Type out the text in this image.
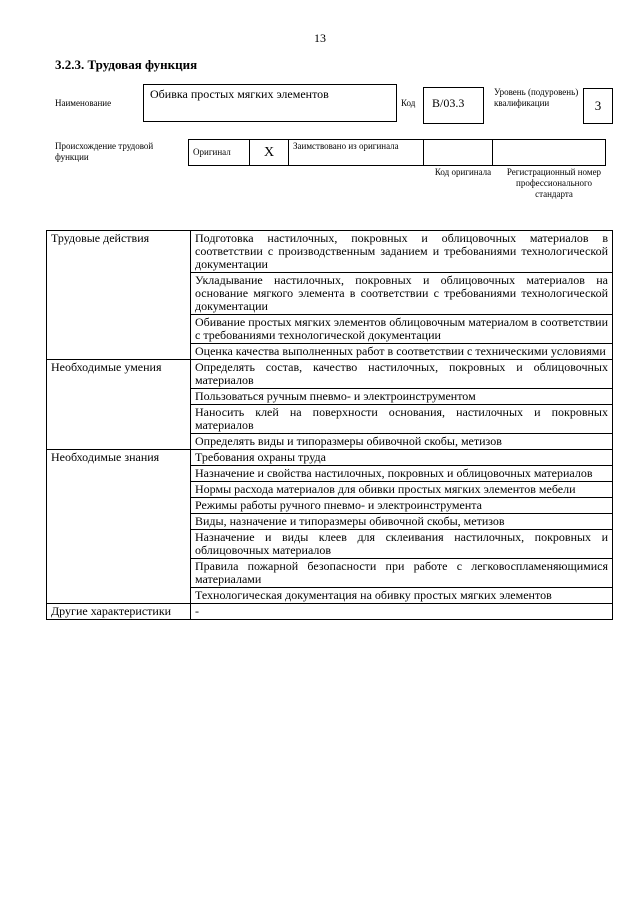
13
3.2.3. Трудовая функция
Наименование
Обивка простых мягких элементов
Код	B/03.3
Уровень (подуровень) квалификации	3
Происхождение трудовой функции	Оригинал	X	Заимствовано из оригинала		
Код оригинала	Регистрационный номер профессионального стандарта
Трудовые действия	Подготовка настилочных, покровных и облицовочных материалов в соответствии с производственным заданием и требованиями технологической документации
	Укладывание настилочных, покровных и облицовочных материалов на основание мягкого элемента в соответствии с требованиями технологической документации
	Обивание простых мягких элементов облицовочным материалом в соответствии с требованиями технологической документации
	Оценка качества выполненных работ в соответствии с техническими условиями
Необходимые умения	Определять состав, качество настилочных, покровных и облицовочных материалов
	Пользоваться ручным пневмо- и электроинструментом
	Наносить клей на поверхности основания, настилочных и покровных материалов
	Определять виды и типоразмеры обивочной скобы, метизов
Необходимые знания	Требования охраны труда
	Назначение и свойства настилочных, покровных и облицовочных материалов
	Нормы расхода материалов для обивки простых мягких элементов мебели
	Режимы работы ручного пневмо- и электроинструмента
	Виды, назначение и типоразмеры обивочной скобы, метизов
	Назначение и виды клеев для склеивания настилочных, покровных и облицовочных материалов
	Правила пожарной безопасности при работе с легковоспламеняющимися материалами
	Технологическая документация на обивку простых мягких элементов
Другие характеристики	-
